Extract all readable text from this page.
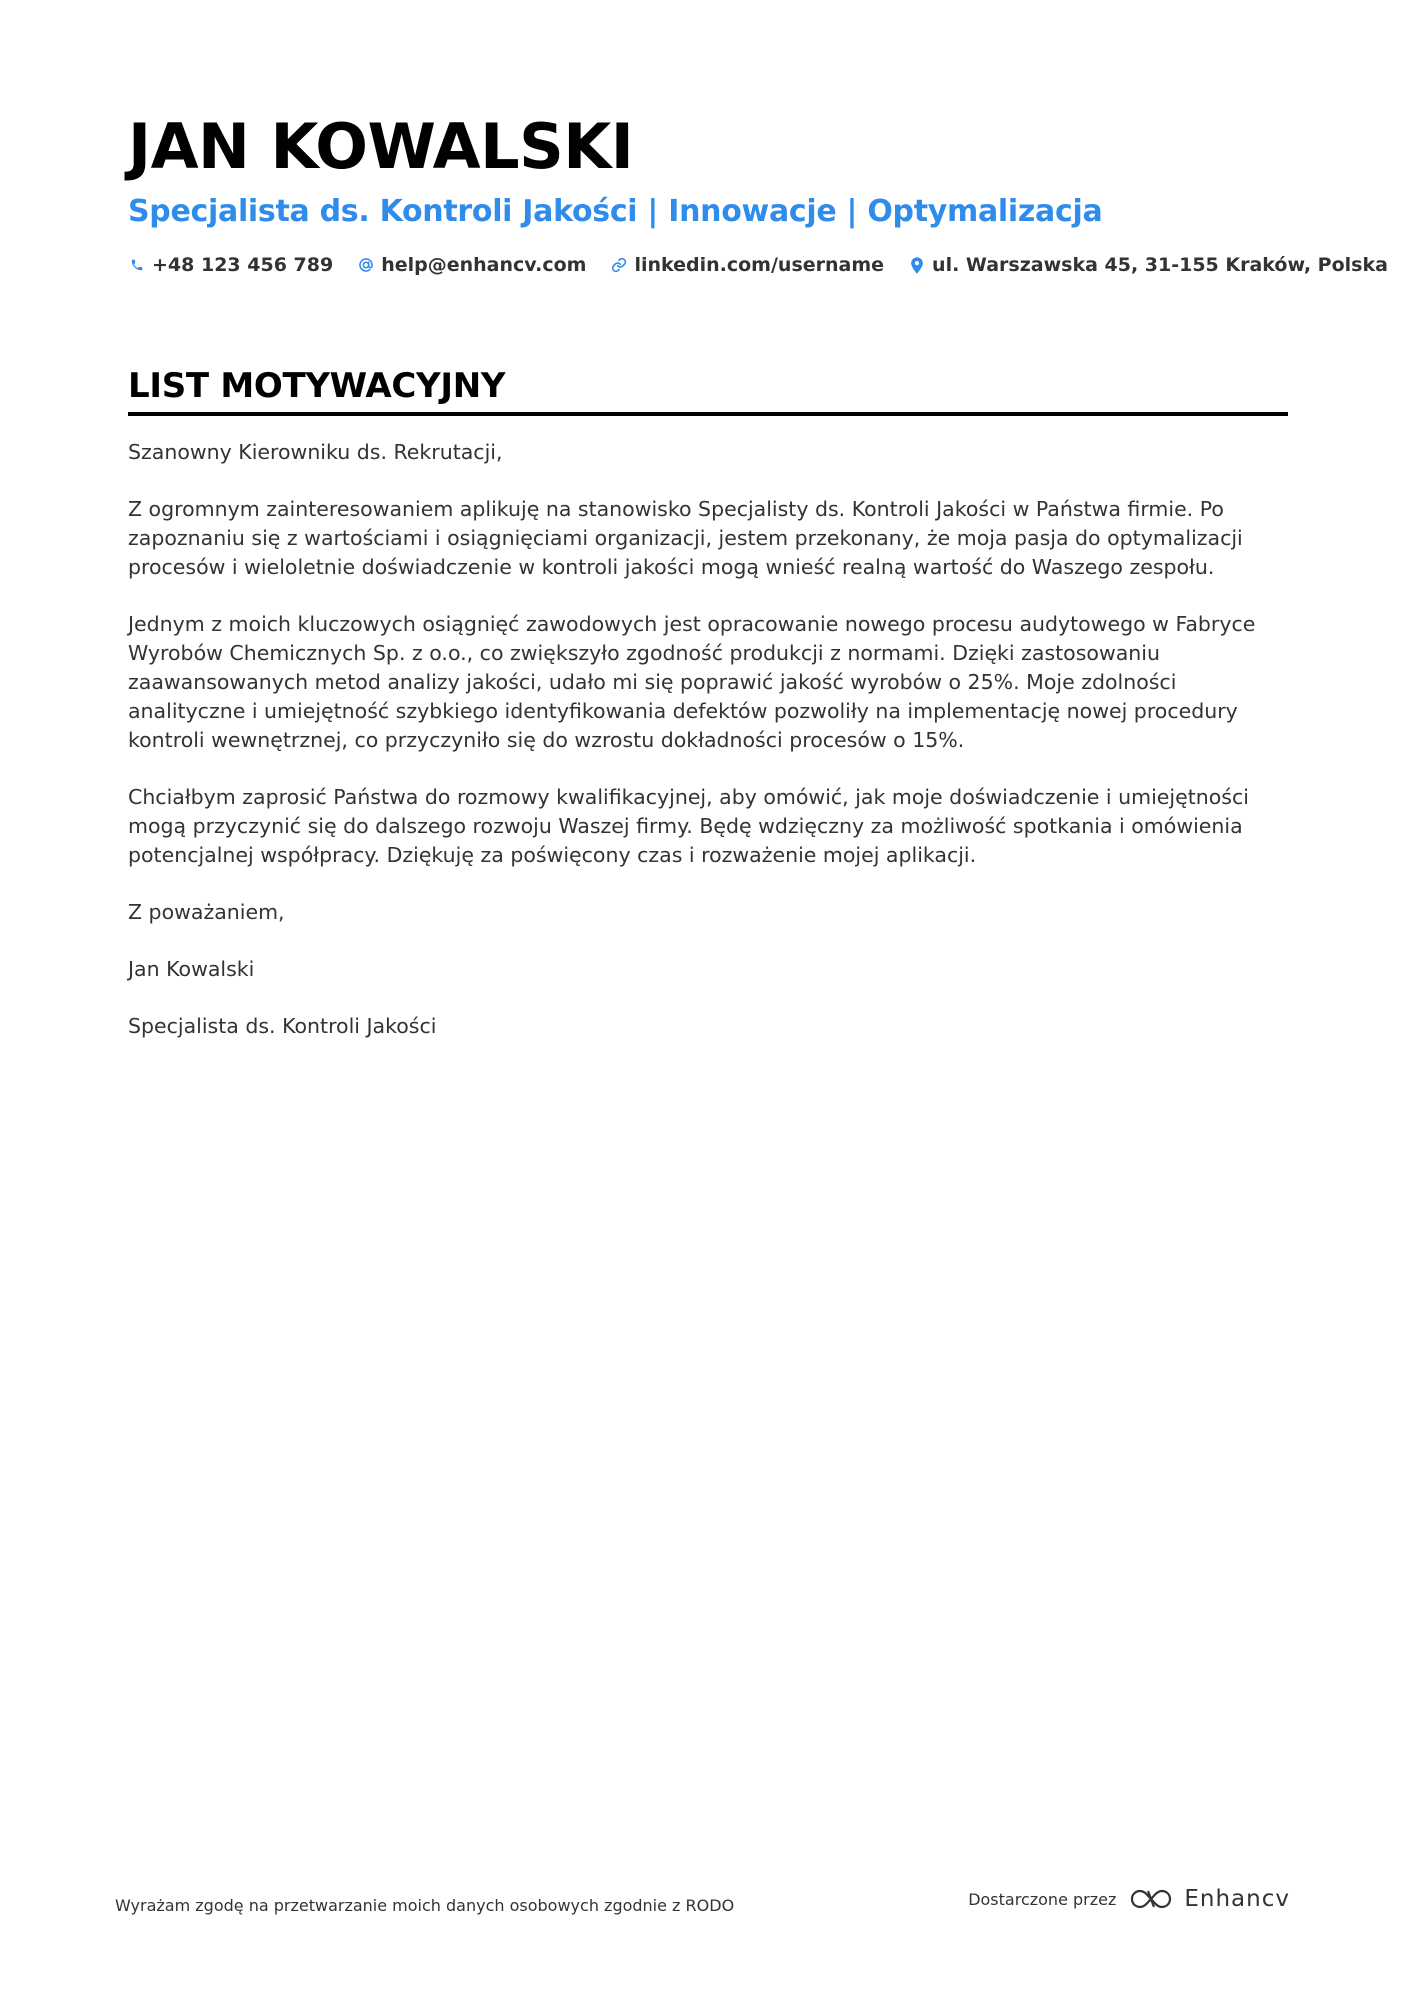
JAN KOWALSKI
Specjalista ds. Kontroli Jakości | Innowacje | Optymalizacja
+48 123 456 789	help@enhancv.com	linkedin.com/username	ul. Warszawska 45, 31-155 Kraków, Polska
LIST MOTYWACYJNY

Szanowny Kierowniku ds. Rekrutacji,

Z ogromnym zainteresowaniem aplikuję na stanowisko Specjalisty ds. Kontroli Jakości w Państwa firmie. Po zapoznaniu się z wartościami i osiągnięciami organizacji, jestem przekonany, że moja pasja do optymalizacji procesów i wieloletnie doświadczenie w kontroli jakości mogą wnieść realną wartość do Waszego zespołu.

Jednym z moich kluczowych osiągnięć zawodowych jest opracowanie nowego procesu audytowego w Fabryce Wyrobów Chemicznych Sp. z o.o., co zwiększyło zgodność produkcji z normami. Dzięki zastosowaniu zaawansowanych metod analizy jakości, udało mi się poprawić jakość wyrobów o 25%. Moje zdolności analityczne i umiejętność szybkiego identyfikowania defektów pozwoliły na implementację nowej procedury kontroli wewnętrznej, co przyczyniło się do wzrostu dokładności procesów o 15%.

Chciałbym zaprosić Państwa do rozmowy kwalifikacyjnej, aby omówić, jak moje doświadczenie i umiejętności mogą przyczynić się do dalszego rozwoju Waszej firmy. Będę wdzięczny za możliwość spotkania i omówienia potencjalnej współpracy. Dziękuję za poświęcony czas i rozważenie mojej aplikacji.

Z poważaniem,

Jan Kowalski

Specjalista ds. Kontroli Jakości

Wyrażam zgodę na przetwarzanie moich danych osobowych zgodnie z RODO	Dostarczone przez	Enhancv
